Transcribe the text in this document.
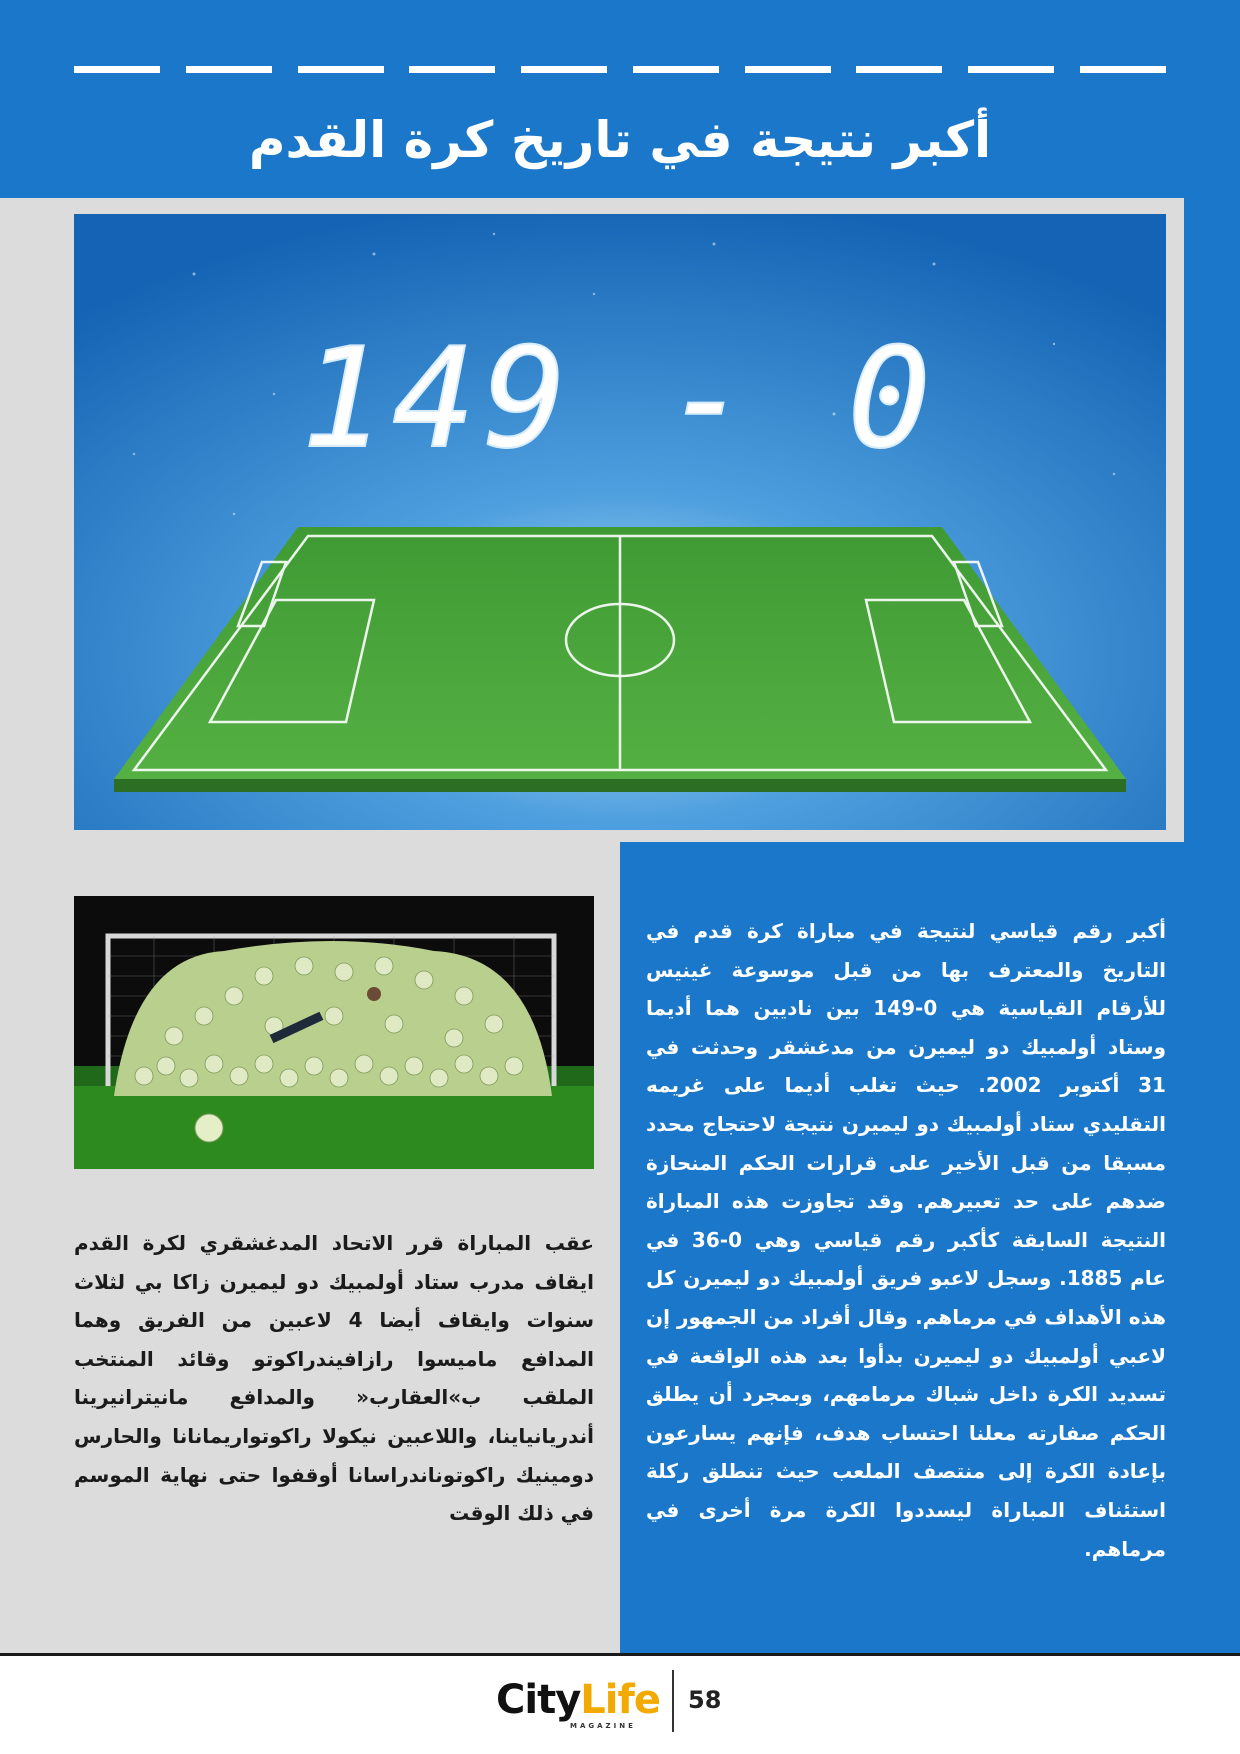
أكبر نتيجة في تاريخ كرة القدم
149 - 0
أكبر رقم قياسي لنتيجة في مباراة كرة قدم في التاريخ والمعترف بها من قبل موسوعة غينيس للأرقام القياسية هي 0-149 بين ناديين هما أديما وستاد أولمبيك دو ليميرن من مدغشقر وحدثت في 31 أكتوبر 2002. حيث تغلب أديما على غريمه التقليدي ستاد أولمبيك دو ليميرن نتيجة لاحتجاج محدد مسبقا من قبل الأخير على قرارات الحكم المنحازة ضدهم على حد تعبيرهم. وقد تجاوزت هذه المباراة النتيجة السابقة كأكبر رقم قياسي وهي 0-36 في عام 1885. وسجل لاعبو فريق أولمبيك دو ليميرن كل هذه الأهداف في مرماهم. وقال أفراد من الجمهور إن لاعبي أولمبيك دو ليميرن بدأوا بعد هذه الواقعة في تسديد الكرة داخل شباك مرمامهم، وبمجرد أن يطلق الحكم صفارته معلنا احتساب هدف، فإنهم يسارعون بإعادة الكرة إلى منتصف الملعب حيث تنطلق ركلة استئناف المباراة ليسددوا الكرة مرة أخرى في مرماهم.
عقب المباراة قرر الاتحاد المدغشقري لكرة القدم ايقاف مدرب ستاد أولمبيك دو ليميرن زاكا بي لثلاث سنوات وايقاف أيضا 4 لاعبين من الفريق وهما المدافع ماميسوا رازافيندراكوتو وقائد المنتخب الملقب ب»العقارب« والمدافع مانيترانيرينا أندريانياينا، واللاعبين نيكولا راكوتواريمانانا والحارس دومينيك راكوتوناندراسانا أوقفوا حتى نهاية الموسم في ذلك الوقت
CityLife
MAGAZINE
58
